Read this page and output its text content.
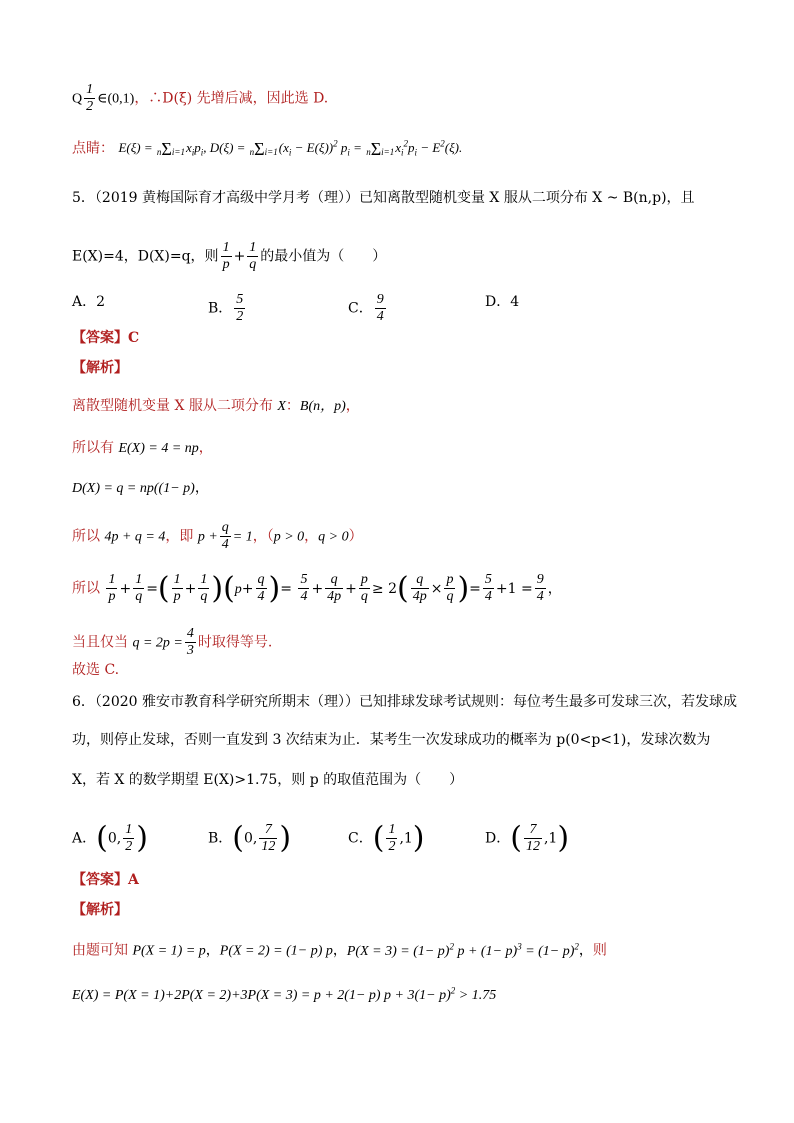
Q $\frac{1}{2}$ ∈(0,1)，∴D(ξ) 先增后减，因此选 D.
点睛： $E(\xi) = n\Sigma i=1x_ip_i$, $D(\xi) = n\Sigma i=1(x_i - E(\xi))^2$ $p_i = n\Sigma i=1x_i^2p_i - E^2(\xi)$.
5．（2019 黄梅国际育才高级中学月考（理））已知离散型随机变量 X 服从二项分布 X ~ B(n,p)，且
E(X)=4，D(X)=q，则 $\frac{1}{p} + \frac{1}{q}$ 的最小值为（　　）
A．2	B． $\frac{5}{2}$	C． $\frac{9}{4}$	D．4
【答案】C
【解析】
离散型随机变量 X 服从二项分布 X：B(n，p)，
所以有 E(X) = 4 = np，
D(X) = q = np((1− p)，
所以 4p + q = 4，即 $p + \frac{q}{4} = 1$，（p > 0，q > 0）
所以 $\frac{1}{p} + \frac{1}{q}$ =( $\frac{1}{p} + \frac{1}{q} )(p+ \frac{q}{4}$ )= $\frac{5}{4} + \frac{q}{4p} + \frac{p}{q} \ge 2( \frac{q}{4p} \times \frac{p}{q}$ )= $\frac{5}{4} +1 = \frac{9}{4}$ ，
当且仅当 $q = 2p = \frac{4}{3}$ 时取得等号.
故选 C.
6．（2020 雅安市教育科学研究所期末（理））已知排球发球考试规则：每位考生最多可发球三次，若发球成
功，则停止发球，否则一直发到 3 次结束为止．某考生一次发球成功的概率为 p(0<p<1)，发球次数为
X，若 X 的数学期望 E(X)>1.75，则 p 的取值范围为（　　）
A．(0, $\frac{1}{2}$ )	B．(0, $\frac{7}{12}$ )	C．( $\frac{1}{2} ,1$)	D．( $\frac{7}{12} ,1$)
【答案】A
【解析】
由题可知 P(X = 1) = p，P(X = 2) = (1− p) p，$P(X = 3) = (1- p)^2$ $p + (1- p)^3 = (1- p)^2$，则
E(X) = P(X = 1)+2P(X = 2)+3P(X = 3) = p + 2(1− p) $p + 3(1- p)^2 > 1.75$
